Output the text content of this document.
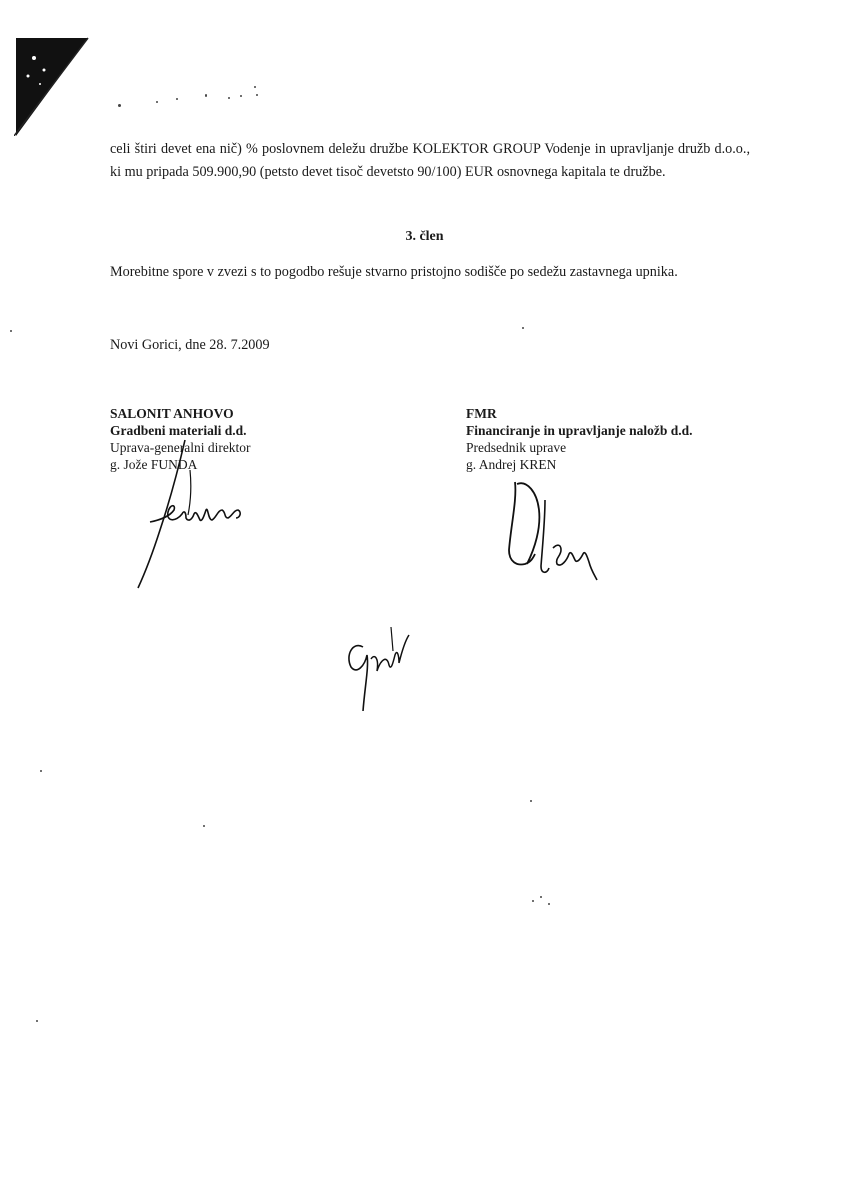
celi štiri devet ena nič) % poslovnem deležu družbe KOLEKTOR GROUP Vodenje in upravljanje družb d.o.o., ki mu pripada 509.900,90 (petsto devet tisoč devetsto 90/100) EUR osnovnega kapitala te družbe.

3. člen

Morebitne spore v zvezi s to pogodbo rešuje stvarno pristojno sodišče po sedežu zastavnega upnika.

Novi Gorici, dne 28. 7.2009

SALONIT ANHOVO
Gradbeni materiali d.d.
Uprava-generalni direktor
g. Jože FUNDA
FMR
Financiranje in upravljanje naložb d.d.
Predsednik uprave
g. Andrej KREN
